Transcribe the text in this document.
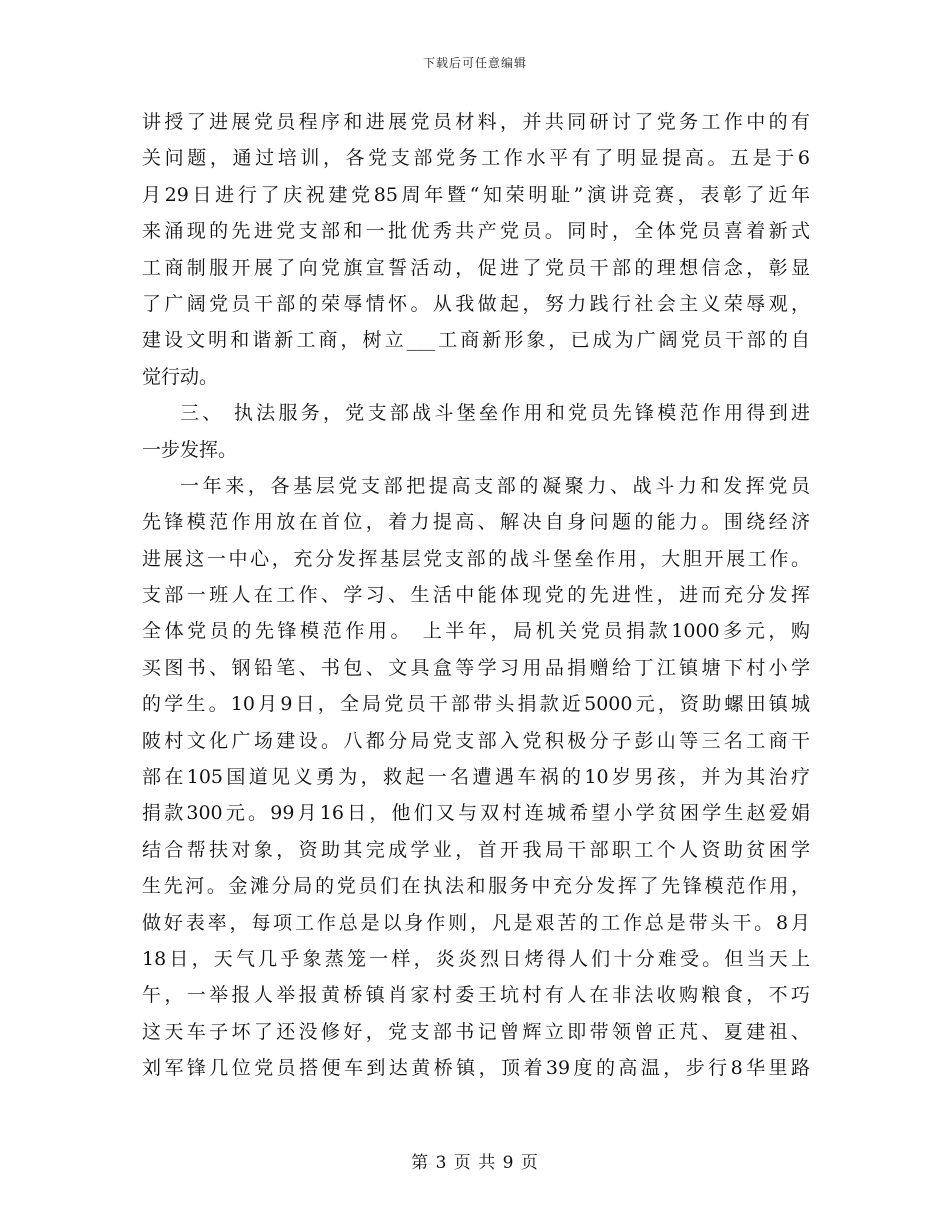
下载后可任意编辑
讲授了进展党员程序和进展党员材料，并共同研讨了党务工作中的有
关问题，通过培训，各党支部党务工作水平有了明显提高。五是于6
月29日进行了庆祝建党85周年暨“知荣明耻”演讲竞赛，表彰了近年
来涌现的先进党支部和一批优秀共产党员。同时，全体党员喜着新式
工商制服开展了向党旗宣誓活动，促进了党员干部的理想信念，彰显
了广阔党员干部的荣辱情怀。从我做起，努力践行社会主义荣辱观，
建设文明和谐新工商，树立___工商新形象，已成为广阔党员干部的自
觉行动。
三、 执法服务，党支部战斗堡垒作用和党员先锋模范作用得到进
一步发挥。
一年来，各基层党支部把提高支部的凝聚力、战斗力和发挥党员
先锋模范作用放在首位，着力提高、解决自身问题的能力。围绕经济
进展这一中心，充分发挥基层党支部的战斗堡垒作用，大胆开展工作。
支部一班人在工作、学习、生活中能体现党的先进性，进而充分发挥
全体党员的先锋模范作用。 上半年，局机关党员捐款1000多元，购
买图书、钢铅笔、书包、文具盒等学习用品捐赠给丁江镇塘下村小学
的学生。10月9日，全局党员干部带头捐款近5000元，资助螺田镇城
陂村文化广场建设。八都分局党支部入党积极分子彭山等三名工商干
部在105国道见义勇为，救起一名遭遇车祸的10岁男孩，并为其治疗
捐款300元。99月16日，他们又与双村连城希望小学贫困学生赵爱娟
结合帮扶对象，资助其完成学业，首开我局干部职工个人资助贫困学
生先河。金滩分局的党员们在执法和服务中充分发挥了先锋模范作用，
做好表率，每项工作总是以身作则，凡是艰苦的工作总是带头干。8月
18日，天气几乎象蒸笼一样，炎炎烈日烤得人们十分难受。但当天上
午，一举报人举报黄桥镇肖家村委王坑村有人在非法收购粮食，不巧
这天车子坏了还没修好，党支部书记曾辉立即带领曾正芃、夏建祖、
刘军锋几位党员搭便车到达黄桥镇，顶着39度的高温，步行8华里路
第 3 页 共 9 页
